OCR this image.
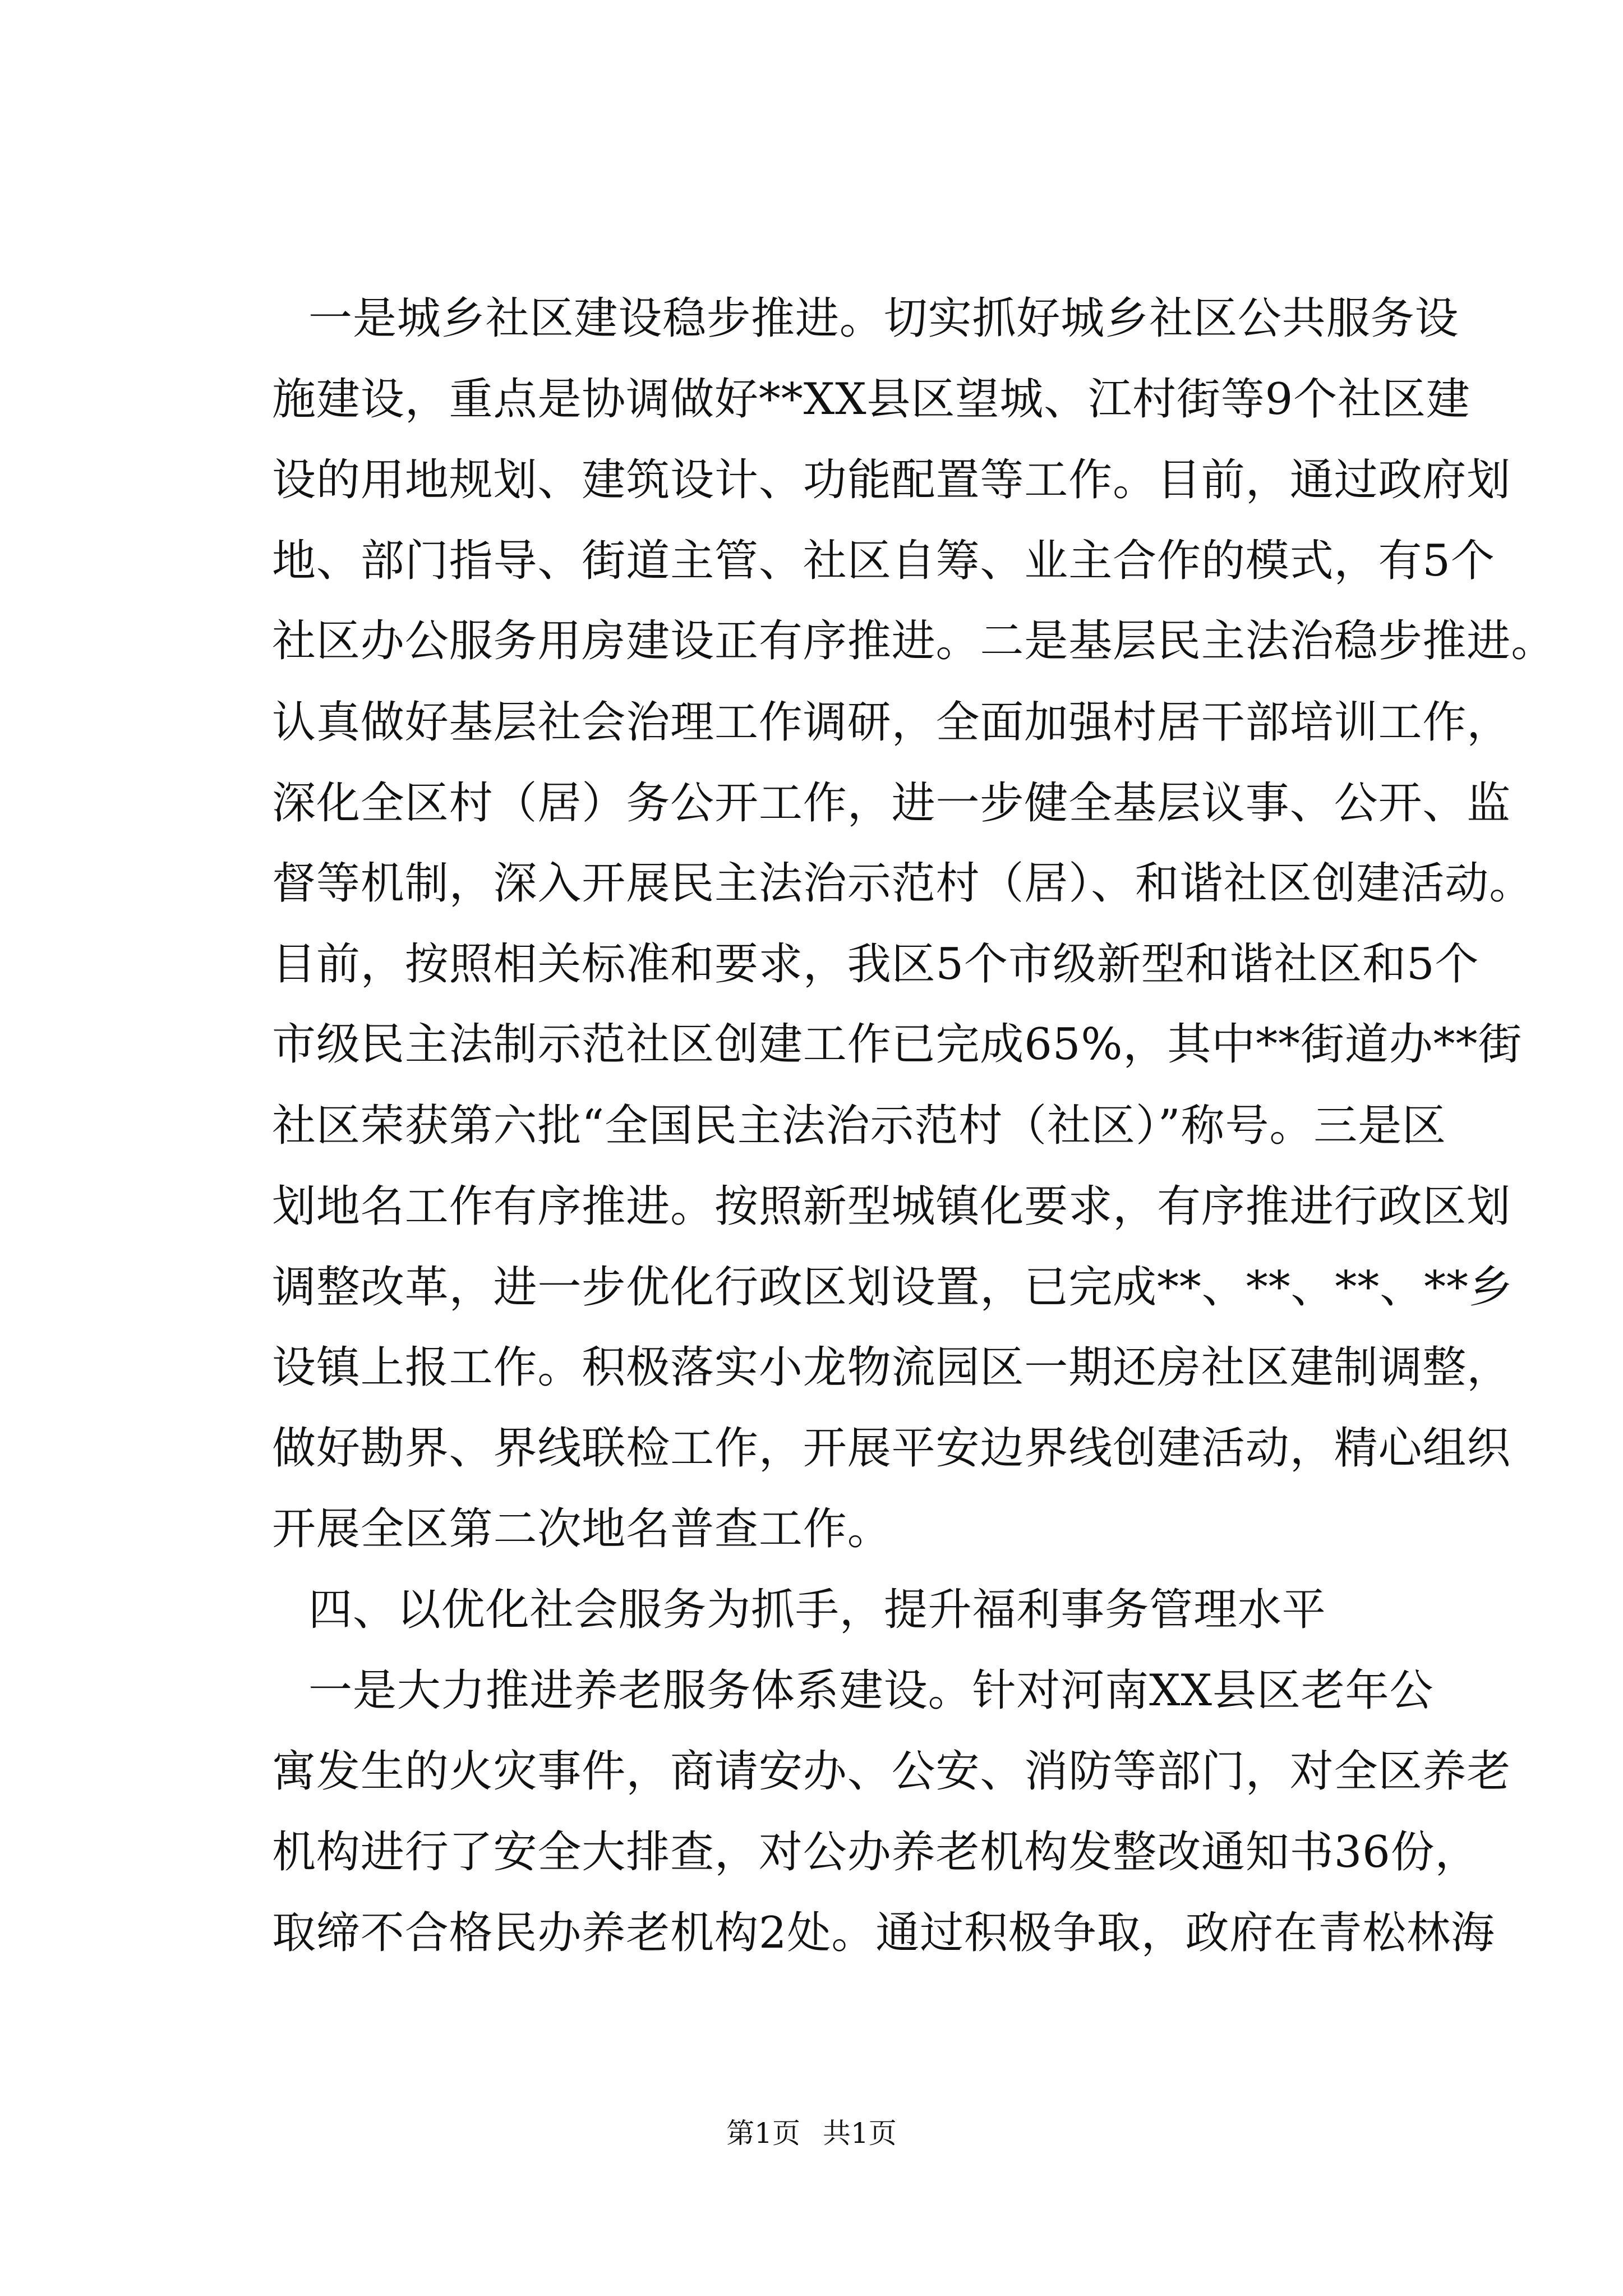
一是城乡社区建设稳步推进。切实抓好城乡社区公共服务设
施建设，重点是协调做好**XX县区望城、江村街等9个社区建
设的用地规划、建筑设计、功能配置等工作。目前，通过政府划
地、部门指导、街道主管、社区自筹、业主合作的模式，有5个
社区办公服务用房建设正有序推进。二是基层民主法治稳步推进。
认真做好基层社会治理工作调研，全面加强村居干部培训工作，
深化全区村（居）务公开工作，进一步健全基层议事、公开、监
督等机制，深入开展民主法治示范村（居）、和谐社区创建活动。
目前，按照相关标准和要求，我区5个市级新型和谐社区和5个
市级民主法制示范社区创建工作已完成65%，其中**街道办**街
社区荣获第六批“全国民主法治示范村（社区）”称号。三是区
划地名工作有序推进。按照新型城镇化要求，有序推进行政区划
调整改革，进一步优化行政区划设置，已完成**、**、**、**乡
设镇上报工作。积极落实小龙物流园区一期还房社区建制调整，
做好勘界、界线联检工作，开展平安边界线创建活动，精心组织
开展全区第二次地名普查工作。
四、以优化社会服务为抓手，提升福利事务管理水平
一是大力推进养老服务体系建设。针对河南XX县区老年公
寓发生的火灾事件，商请安办、公安、消防等部门，对全区养老
机构进行了安全大排查，对公办养老机构发整改通知书36份，
取缔不合格民办养老机构2处。通过积极争取，政府在青松林海
第1页 共1页
